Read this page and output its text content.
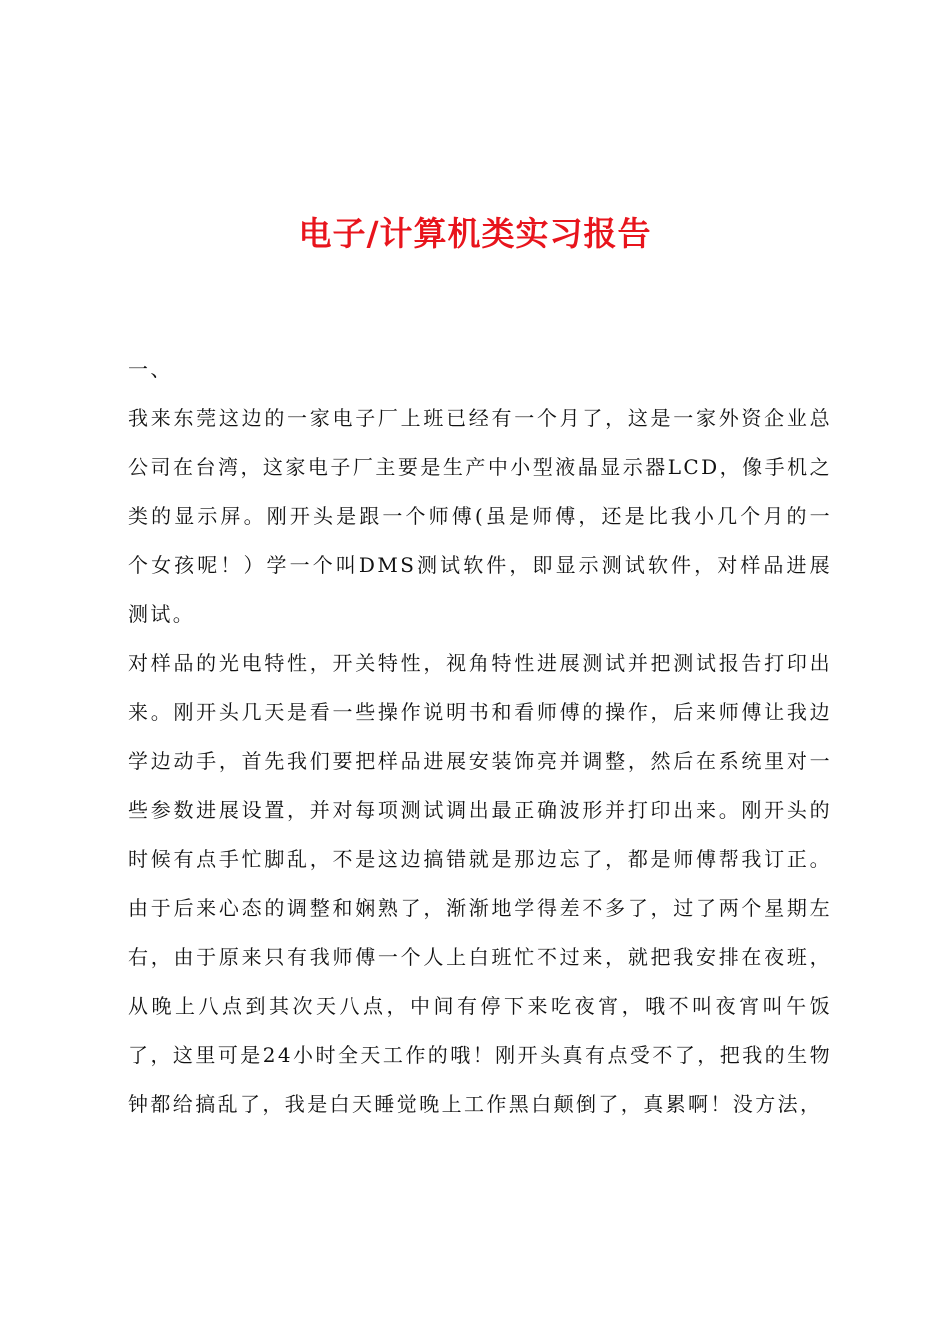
电子/计算机类实习报告

一、

我来东莞这边的一家电子厂上班已经有一个月了，这是一家外资企业总公司在台湾，这家电子厂主要是生产中小型液晶显示器LCD，像手机之类的显示屏。刚开头是跟一个师傅(虽是师傅，还是比我小几个月的一个女孩呢！）学一个叫DMS测试软件，即显示测试软件，对样品进展测试。

对样品的光电特性，开关特性，视角特性进展测试并把测试报告打印出来。刚开头几天是看一些操作说明书和看师傅的操作，后来师傅让我边学边动手，首先我们要把样品进展安装饰亮并调整，然后在系统里对一些参数进展设置，并对每项测试调出最正确波形并打印出来。刚开头的时候有点手忙脚乱，不是这边搞错就是那边忘了，都是师傅帮我订正。由于后来心态的调整和娴熟了，渐渐地学得差不多了，过了两个星期左右，由于原来只有我师傅一个人上白班忙不过来，就把我安排在夜班，从晚上八点到其次天八点，中间有停下来吃夜宵，哦不叫夜宵叫午饭了，这里可是24小时全天工作的哦！刚开头真有点受不了，把我的生物钟都给搞乱了，我是白天睡觉晚上工作黑白颠倒了，真累啊！没方法，
